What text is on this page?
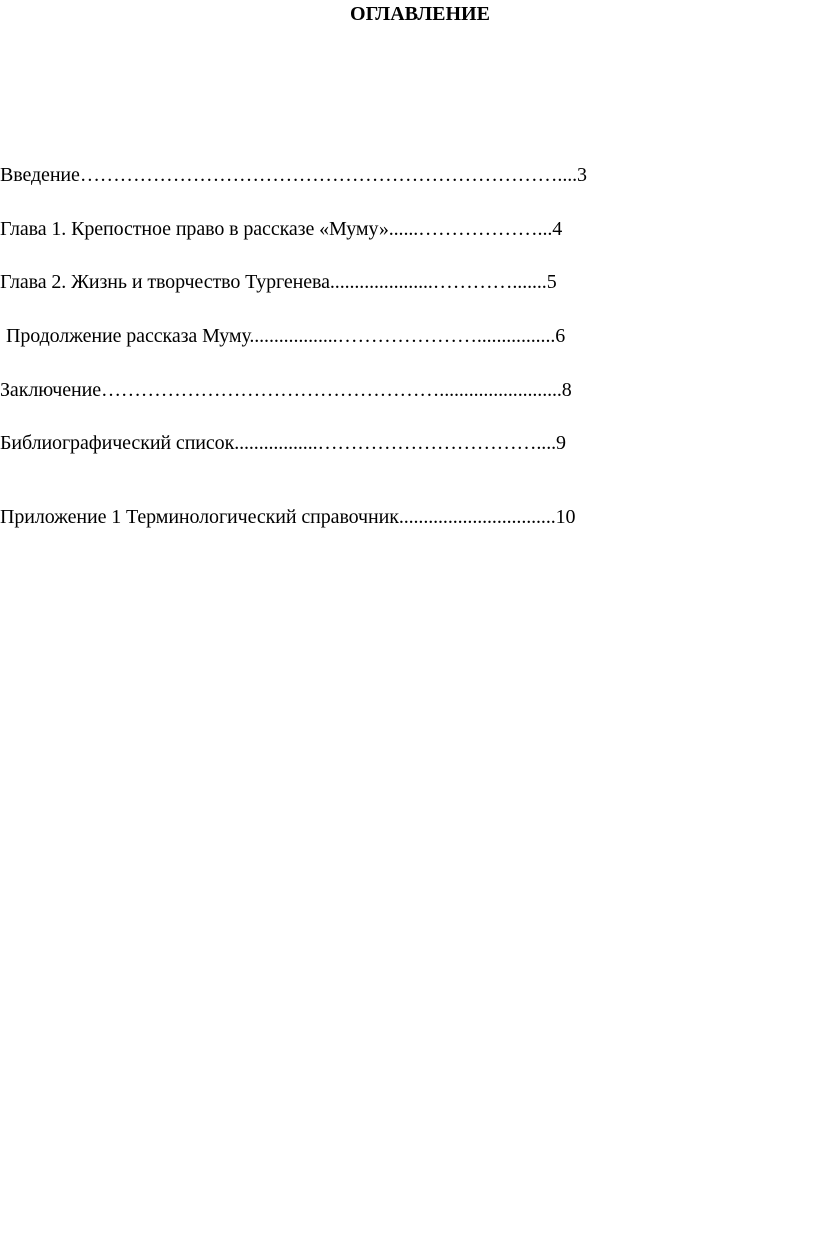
ОГЛАВЛЕНИЕ

Введение………………………………………………………………....3

Глава 1. Крепостное право в рассказе «Муму»......………………...4

Глава 2. Жизнь и творчество Тургенева.....................………….......5

Продолжение рассказа Муму..................…………………................6

Заключение…………………………………………….........................8

Библиографический список.................……………………………....9

Приложение 1 Терминологический справочник................................10
